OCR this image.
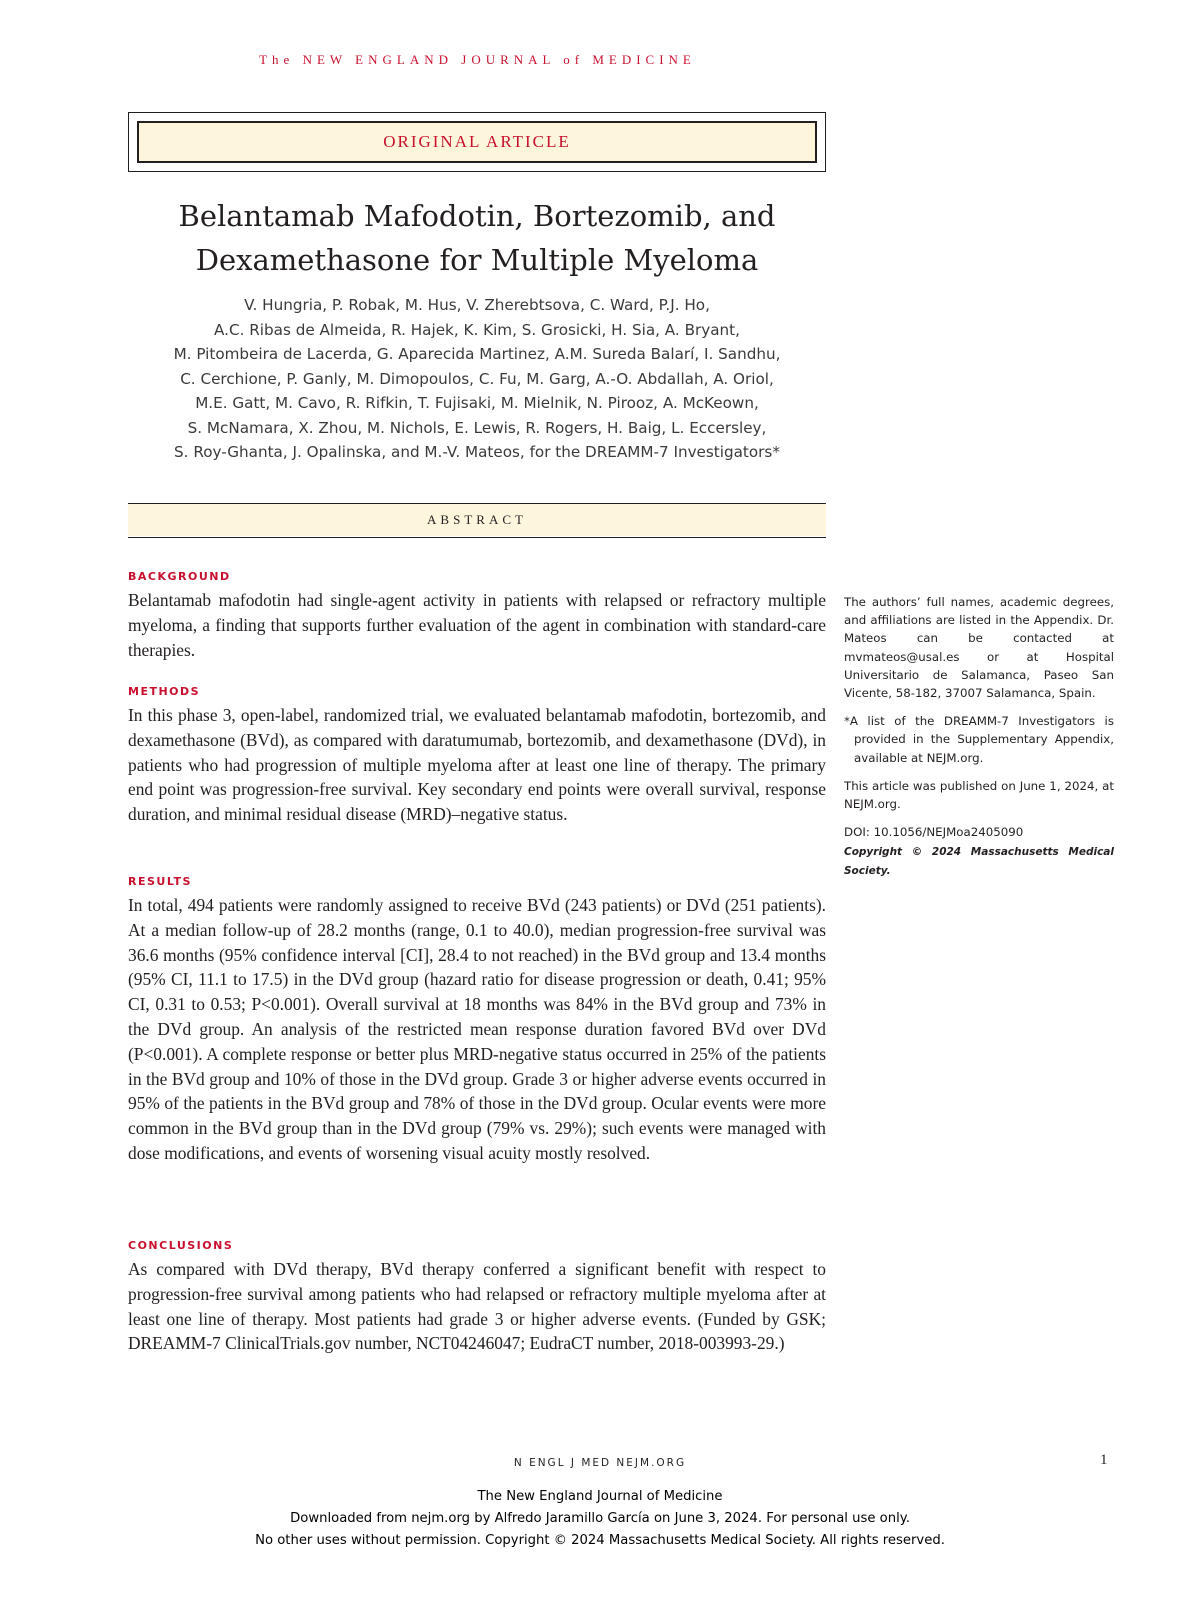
The NEW ENGLAND JOURNAL of MEDICINE
ORIGINAL ARTICLE
Belantamab Mafodotin, Bortezomib, and
Dexamethasone for Multiple Myeloma
V. Hungria, P. Robak, M. Hus, V. Zherebtsova, C. Ward, P.J. Ho,
A.C. Ribas de Almeida, R. Hajek, K. Kim, S. Grosicki, H. Sia, A. Bryant,
M. Pitombeira de Lacerda, G. Aparecida Martinez, A.M. Sureda Balarí, I. Sandhu,
C. Cerchione, P. Ganly, M. Dimopoulos, C. Fu, M. Garg, A.-O. Abdallah, A. Oriol,
M.E. Gatt, M. Cavo, R. Rifkin, T. Fujisaki, M. Mielnik, N. Pirooz, A. McKeown,
S. McNamara, X. Zhou, M. Nichols, E. Lewis, R. Rogers, H. Baig, L. Eccersley,
S. Roy-Ghanta, J. Opalinska, and M.-V. Mateos, for the DREAMM-7 Investigators*
ABSTRACT

BACKGROUND

Belantamab mafodotin had single-agent activity in patients with relapsed or refractory multiple myeloma, a finding that supports further evaluation of the agent in combination with standard-care therapies.

METHODS

In this phase 3, open-label, randomized trial, we evaluated belantamab mafodotin, bortezomib, and dexamethasone (BVd), as compared with daratumumab, bortezomib, and dexamethasone (DVd), in patients who had progression of multiple myeloma after at least one line of therapy. The primary end point was progression-free survival. Key secondary end points were overall survival, response duration, and minimal residual disease (MRD)–negative status.

RESULTS

In total, 494 patients were randomly assigned to receive BVd (243 patients) or DVd (251 patients). At a median follow-up of 28.2 months (range, 0.1 to 40.0), median progression-free survival was 36.6 months (95% confidence interval [CI], 28.4 to not reached) in the BVd group and 13.4 months (95% CI, 11.1 to 17.5) in the DVd group (hazard ratio for disease progression or death, 0.41; 95% CI, 0.31 to 0.53; P<0.001). Overall survival at 18 months was 84% in the BVd group and 73% in the DVd group. An analysis of the restricted mean response duration favored BVd over DVd (P<0.001). A complete response or better plus MRD-negative status occurred in 25% of the patients in the BVd group and 10% of those in the DVd group. Grade 3 or higher adverse events occurred in 95% of the patients in the BVd group and 78% of those in the DVd group. Ocular events were more common in the BVd group than in the DVd group (79% vs. 29%); such events were managed with dose modifications, and events of worsening visual acuity mostly resolved.

CONCLUSIONS

As compared with DVd therapy, BVd therapy conferred a significant benefit with respect to progression-free survival among patients who had relapsed or refractory multiple myeloma after at least one line of therapy. Most patients had grade 3 or higher adverse events. (Funded by GSK; DREAMM-7 ClinicalTrials.gov number, NCT04246047; EudraCT number, 2018-003993-29.)

The authors’ full names, academic degrees, and affiliations are listed in the Appendix. Dr. Mateos can be contacted at mvmateos@usal.es or at Hospital Universitario de Salamanca, Paseo San Vicente, 58-182, 37007 Salamanca, Spain.

*A list of the DREAMM-7 Investigators is provided in the Supplementary Appendix, available at NEJM.org.

This article was published on June 1, 2024, at NEJM.org.

DOI: 10.1056/NEJMoa2405090

Copyright © 2024 Massachusetts Medical Society.

N ENGL J MED NEJM.ORG	1
The New England Journal of Medicine
Downloaded from nejm.org by Alfredo Jaramillo García on June 3, 2024. For personal use only.
No other uses without permission. Copyright © 2024 Massachusetts Medical Society. All rights reserved.
